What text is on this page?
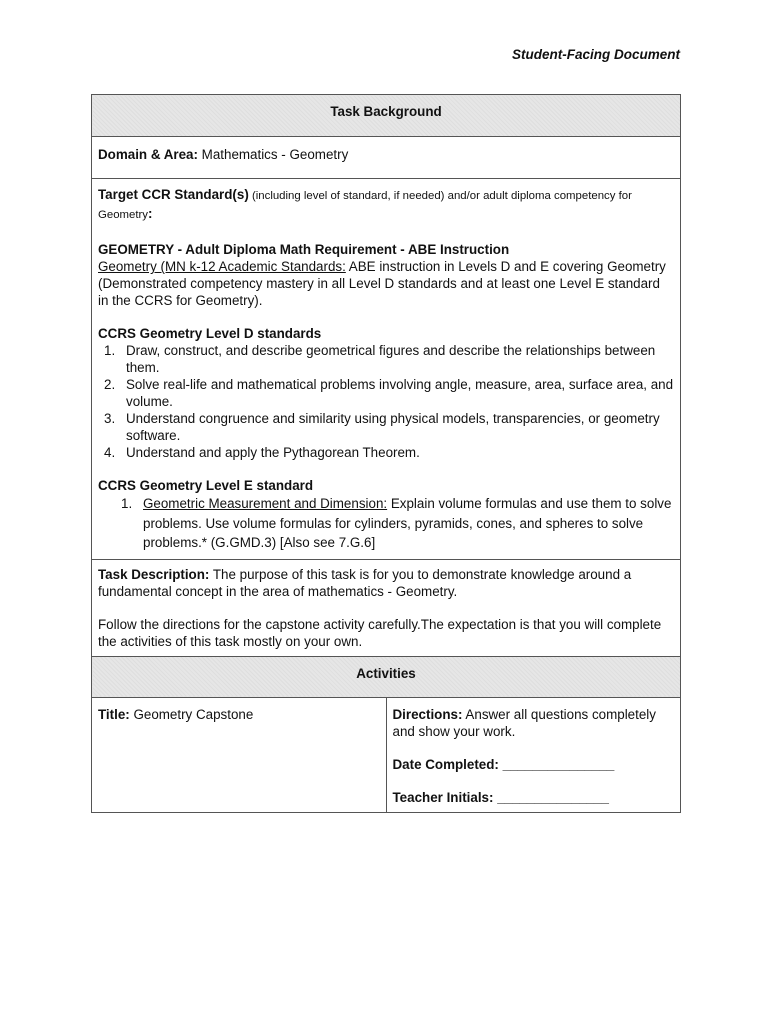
Student-Facing Document
Task Background

Domain & Area: Mathematics - Geometry

Target CCR Standard(s) (including level of standard, if needed) and/or adult diploma competency for Geometry:

GEOMETRY - Adult Diploma Math Requirement - ABE Instruction

Geometry (MN k-12 Academic Standards: ABE instruction in Levels D and E covering Geometry (Demonstrated competency mastery in all Level D standards and at least one Level E standard in the CCRS for Geometry).

CCRS Geometry Level D standards

1. Draw, construct, and describe geometrical figures and describe the relationships between them.
2. Solve real-life and mathematical problems involving angle, measure, area, surface area, and volume.
3. Understand congruence and similarity using physical models, transparencies, or geometry software.
4. Understand and apply the Pythagorean Theorem.

CCRS Geometry Level E standard

1. Geometric Measurement and Dimension: Explain volume formulas and use them to solve problems. Use volume formulas for cylinders, pyramids, cones, and spheres to solve problems.* (G.GMD.3) [Also see 7.G.6]

Task Description: The purpose of this task is for you to demonstrate knowledge around a fundamental concept in the area of mathematics - Geometry.

Follow the directions for the capstone activity carefully.The expectation is that you will complete the activities of this task mostly on your own.

Activities

Title: Geometry Capstone	Directions: Answer all questions completely and show your work.

Date Completed: _______________

Teacher Initials: _______________
